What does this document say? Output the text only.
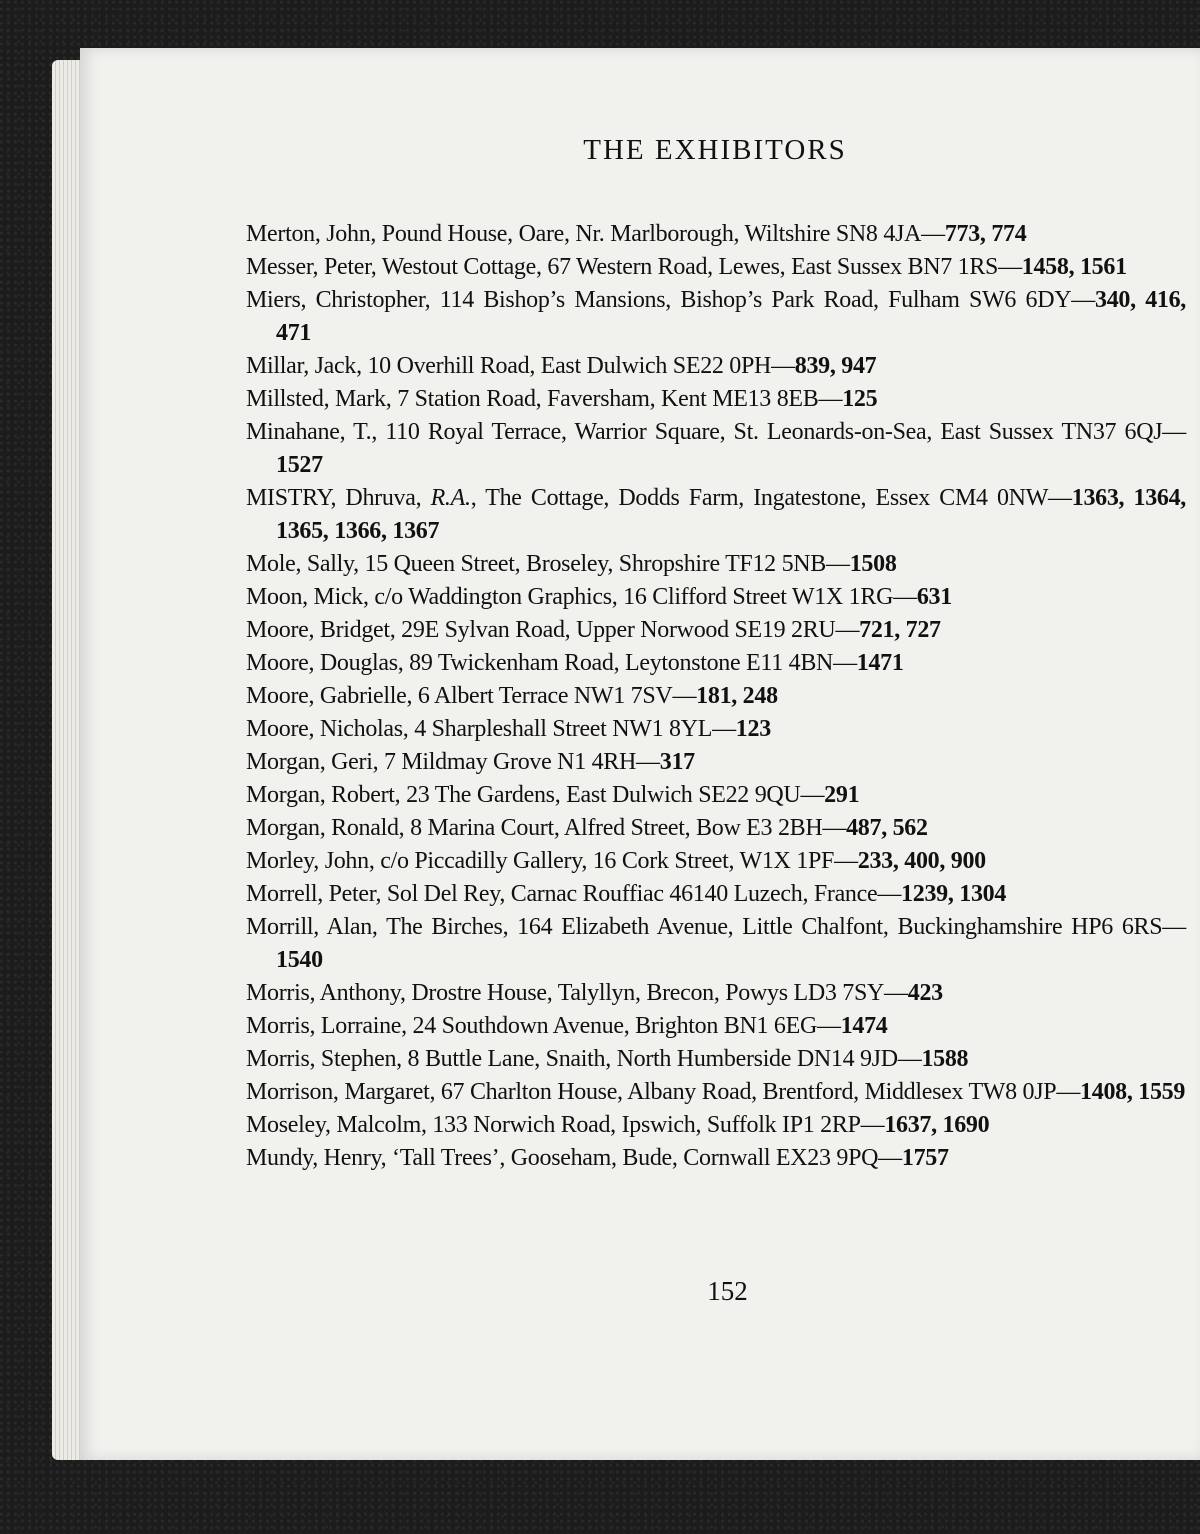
THE EXHIBITORS
Merton, John, Pound House, Oare, Nr. Marlborough, Wiltshire SN8 4JA—773, 774
Messer, Peter, Westout Cottage, 67 Western Road, Lewes, East Sussex BN7 1RS—1458, 1561
Miers, Christopher, 114 Bishop’s Mansions, Bishop’s Park Road, Fulham SW6 6DY—340, 416, 471
Millar, Jack, 10 Overhill Road, East Dulwich SE22 0PH—839, 947
Millsted, Mark, 7 Station Road, Faversham, Kent ME13 8EB—125
Minahane, T., 110 Royal Terrace, Warrior Square, St. Leonards-on-Sea, East Sussex TN37 6QJ—1527
MISTRY, Dhruva, R.A., The Cottage, Dodds Farm, Ingatestone, Essex CM4 0NW—1363, 1364, 1365, 1366, 1367
Mole, Sally, 15 Queen Street, Broseley, Shropshire TF12 5NB—1508
Moon, Mick, c/o Waddington Graphics, 16 Clifford Street W1X 1RG—631
Moore, Bridget, 29E Sylvan Road, Upper Norwood SE19 2RU—721, 727
Moore, Douglas, 89 Twickenham Road, Leytonstone E11 4BN—1471
Moore, Gabrielle, 6 Albert Terrace NW1 7SV—181, 248
Moore, Nicholas, 4 Sharpleshall Street NW1 8YL—123
Morgan, Geri, 7 Mildmay Grove N1 4RH—317
Morgan, Robert, 23 The Gardens, East Dulwich SE22 9QU—291
Morgan, Ronald, 8 Marina Court, Alfred Street, Bow E3 2BH—487, 562
Morley, John, c/o Piccadilly Gallery, 16 Cork Street, W1X 1PF—233, 400, 900
Morrell, Peter, Sol Del Rey, Carnac Rouffiac 46140 Luzech, France—1239, 1304
Morrill, Alan, The Birches, 164 Elizabeth Avenue, Little Chalfont, Buckinghamshire HP6 6RS—1540
Morris, Anthony, Drostre House, Talyllyn, Brecon, Powys LD3 7SY—423
Morris, Lorraine, 24 Southdown Avenue, Brighton BN1 6EG—1474
Morris, Stephen, 8 Buttle Lane, Snaith, North Humberside DN14 9JD—1588
Morrison, Margaret, 67 Charlton House, Albany Road, Brentford, Middlesex TW8 0JP—1408, 1559
Moseley, Malcolm, 133 Norwich Road, Ipswich, Suffolk IP1 2RP—1637, 1690
Mundy, Henry, ‘Tall Trees’, Gooseham, Bude, Cornwall EX23 9PQ—1757
152
